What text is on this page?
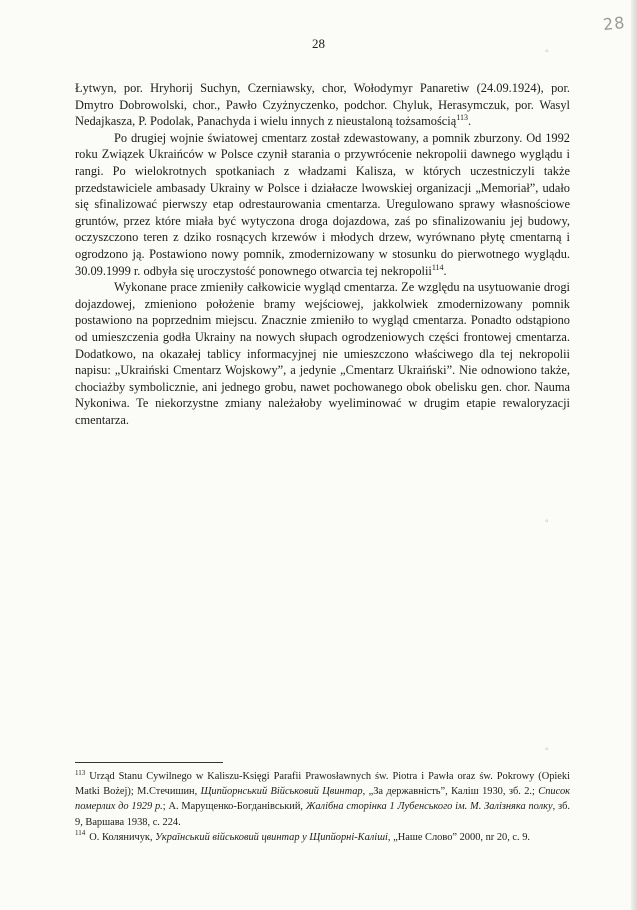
28
28
◦
◦
◦

Łytwyn, por. Hryhorij Suchyn, Czerniawsky, chor, Wołodymyr Panaretiw (24.09.1924), por. Dmytro Dobrowolski, chor., Pawło Czyżnyczenko, podchor. Chyluk, Herasymczuk, por. Wasyl Nedajkasza, P. Podolak, Panachyda i wielu innych z nieustaloną tożsamością$^{113}$.

Po drugiej wojnie światowej cmentarz został zdewastowany, a pomnik zburzony. Od 1992 roku Związek Ukraińców w Polsce czynił starania o przywrócenie nekropolii dawnego wyglądu i rangi. Po wielokrotnych spotkaniach z władzami Kalisza, w których uczestniczyli także przedstawiciele ambasady Ukrainy w Polsce i działacze lwowskiej organizacji „Memoriał”, udało się sfinalizować pierwszy etap odrestaurowania cmentarza. Uregulowano sprawy własnościowe gruntów, przez które miała być wytyczona droga dojazdowa, zaś po sfinalizowaniu jej budowy, oczyszczono teren z dziko rosnących krzewów i młodych drzew, wyrównano płytę cmentarną i ogrodzono ją. Postawiono nowy pomnik, zmodernizowany w stosunku do pierwotnego wyglądu. 30.09.1999 r. odbyła się uroczystość ponownego otwarcia tej nekropolii$^{114}$.

Wykonane prace zmieniły całkowicie wygląd cmentarza. Ze względu na usytuowanie drogi dojazdowej, zmieniono położenie bramy wejściowej, jakkolwiek zmodernizowany pomnik postawiono na poprzednim miejscu. Znacznie zmieniło to wygląd cmentarza. Ponadto odstąpiono od umieszczenia godła Ukrainy na nowych słupach ogrodzeniowych części frontowej cmentarza. Dodatkowo, na okazałej tablicy informacyjnej nie umieszczono właściwego dla tej nekropolii napisu: „Ukraiński Cmentarz Wojskowy”, a jedynie „Cmentarz Ukraiński”. Nie odnowiono także, chociażby symbolicznie, ani jednego grobu, nawet pochowanego obok obelisku gen. chor. Nauma Nykoniwa. Te niekorzystne zmiany należałoby wyeliminować w drugim etapie rewaloryzacji cmentarza.

$^{113}$ Urząd Stanu Cywilnego w Kaliszu-Księgi Parafii Prawosławnych św. Piotra i Pawła oraz św. Pokrowy (Opieki Matki Bożej); М.Стечишин, Щипйорнський Військовий Цвинтар, „За державність”, Каліш 1930, зб. 2.; Список померлих до 1929 р.; А. Марущенко-Богданівський, Жалібна сторінка 1 Лубенського ім. М. Залізняка полку, зб. 9, Варшава 1938, с. 224.

$^{114}$ О. Коляничук, Український військовий цвинтар у Щипйорні-Каліші, „Наше Слово” 2000, nr 20, с. 9.
